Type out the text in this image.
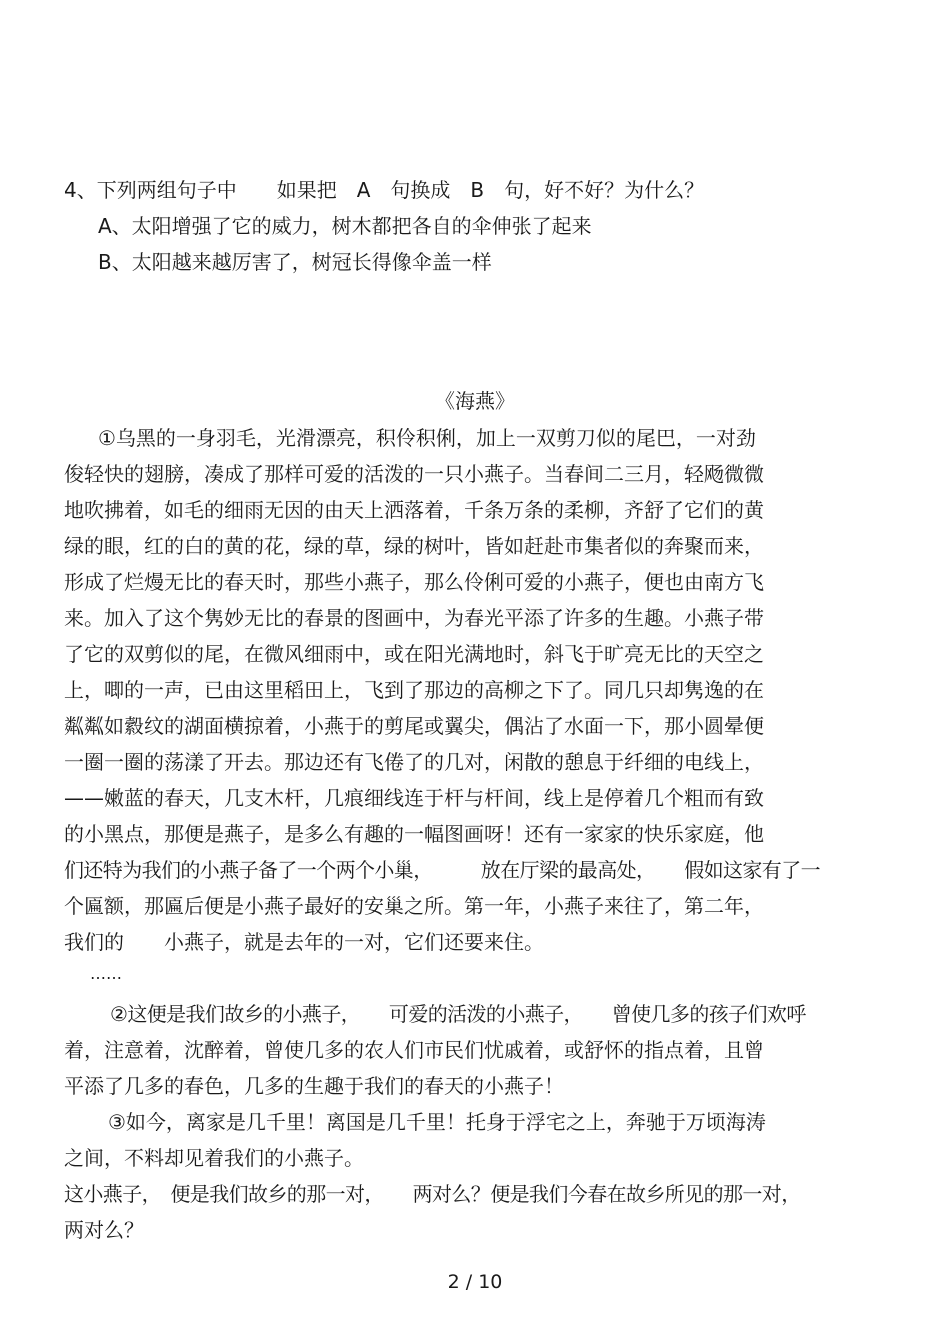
4、下列两组句子中　　如果把　A　句换成　B　句，好不好？为什么？
A、太阳增强了它的威力，树木都把各自的伞伸张了起来
B、太阳越来越厉害了，树冠长得像伞盖一样
《海燕》
①乌黑的一身羽毛，光滑漂亮，积伶积俐，加上一双剪刀似的尾巴，一对劲
俊轻快的翅膀，凑成了那样可爱的活泼的一只小燕子。当春间二三月，轻飏微微
地吹拂着，如毛的细雨无因的由天上洒落着，千条万条的柔柳，齐舒了它们的黄
绿的眼，红的白的黄的花，绿的草，绿的树叶，皆如赶赴市集者似的奔聚而来，
形成了烂熳无比的春天时，那些小燕子，那么伶俐可爱的小燕子，便也由南方飞
来。加入了这个隽妙无比的春景的图画中，为春光平添了许多的生趣。小燕子带
了它的双剪似的尾，在微风细雨中，或在阳光满地时，斜飞于旷亮无比的天空之
上，唧的一声，已由这里稻田上，飞到了那边的高柳之下了。同几只却隽逸的在
粼粼如縠纹的湖面横掠着，小燕于的剪尾或翼尖，偶沾了水面一下，那小圆晕便
一圈一圈的荡漾了开去。那边还有飞倦了的几对，闲散的憩息于纤细的电线上，
——嫩蓝的春天，几支木杆，几痕细线连于杆与杆间，线上是停着几个粗而有致
的小黑点，那便是燕子，是多么有趣的一幅图画呀！还有一家家的快乐家庭，他
们还特为我们的小燕子备了一个两个小巢，　　　放在厅梁的最高处，　　假如这家有了一
个匾额，那匾后便是小燕子最好的安巢之所。第一年，小燕子来往了，第二年，
我们的　　小燕子，就是去年的一对，它们还要来住。
……
②这便是我们故乡的小燕子，　　可爱的活泼的小燕子，　　曾使几多的孩子们欢呼
着，注意着，沈醉着，曾使几多的农人们市民们忧戚着，或舒怀的指点着，且曾
平添了几多的春色，几多的生趣于我们的春天的小燕子！
③如今，离家是几千里！离国是几千里！托身于浮宅之上，奔驰于万顷海涛
之间，不料却见着我们的小燕子。
这小燕子，　便是我们故乡的那一对，　　两对么？便是我们今春在故乡所见的那一对，
两对么？
2 / 10
